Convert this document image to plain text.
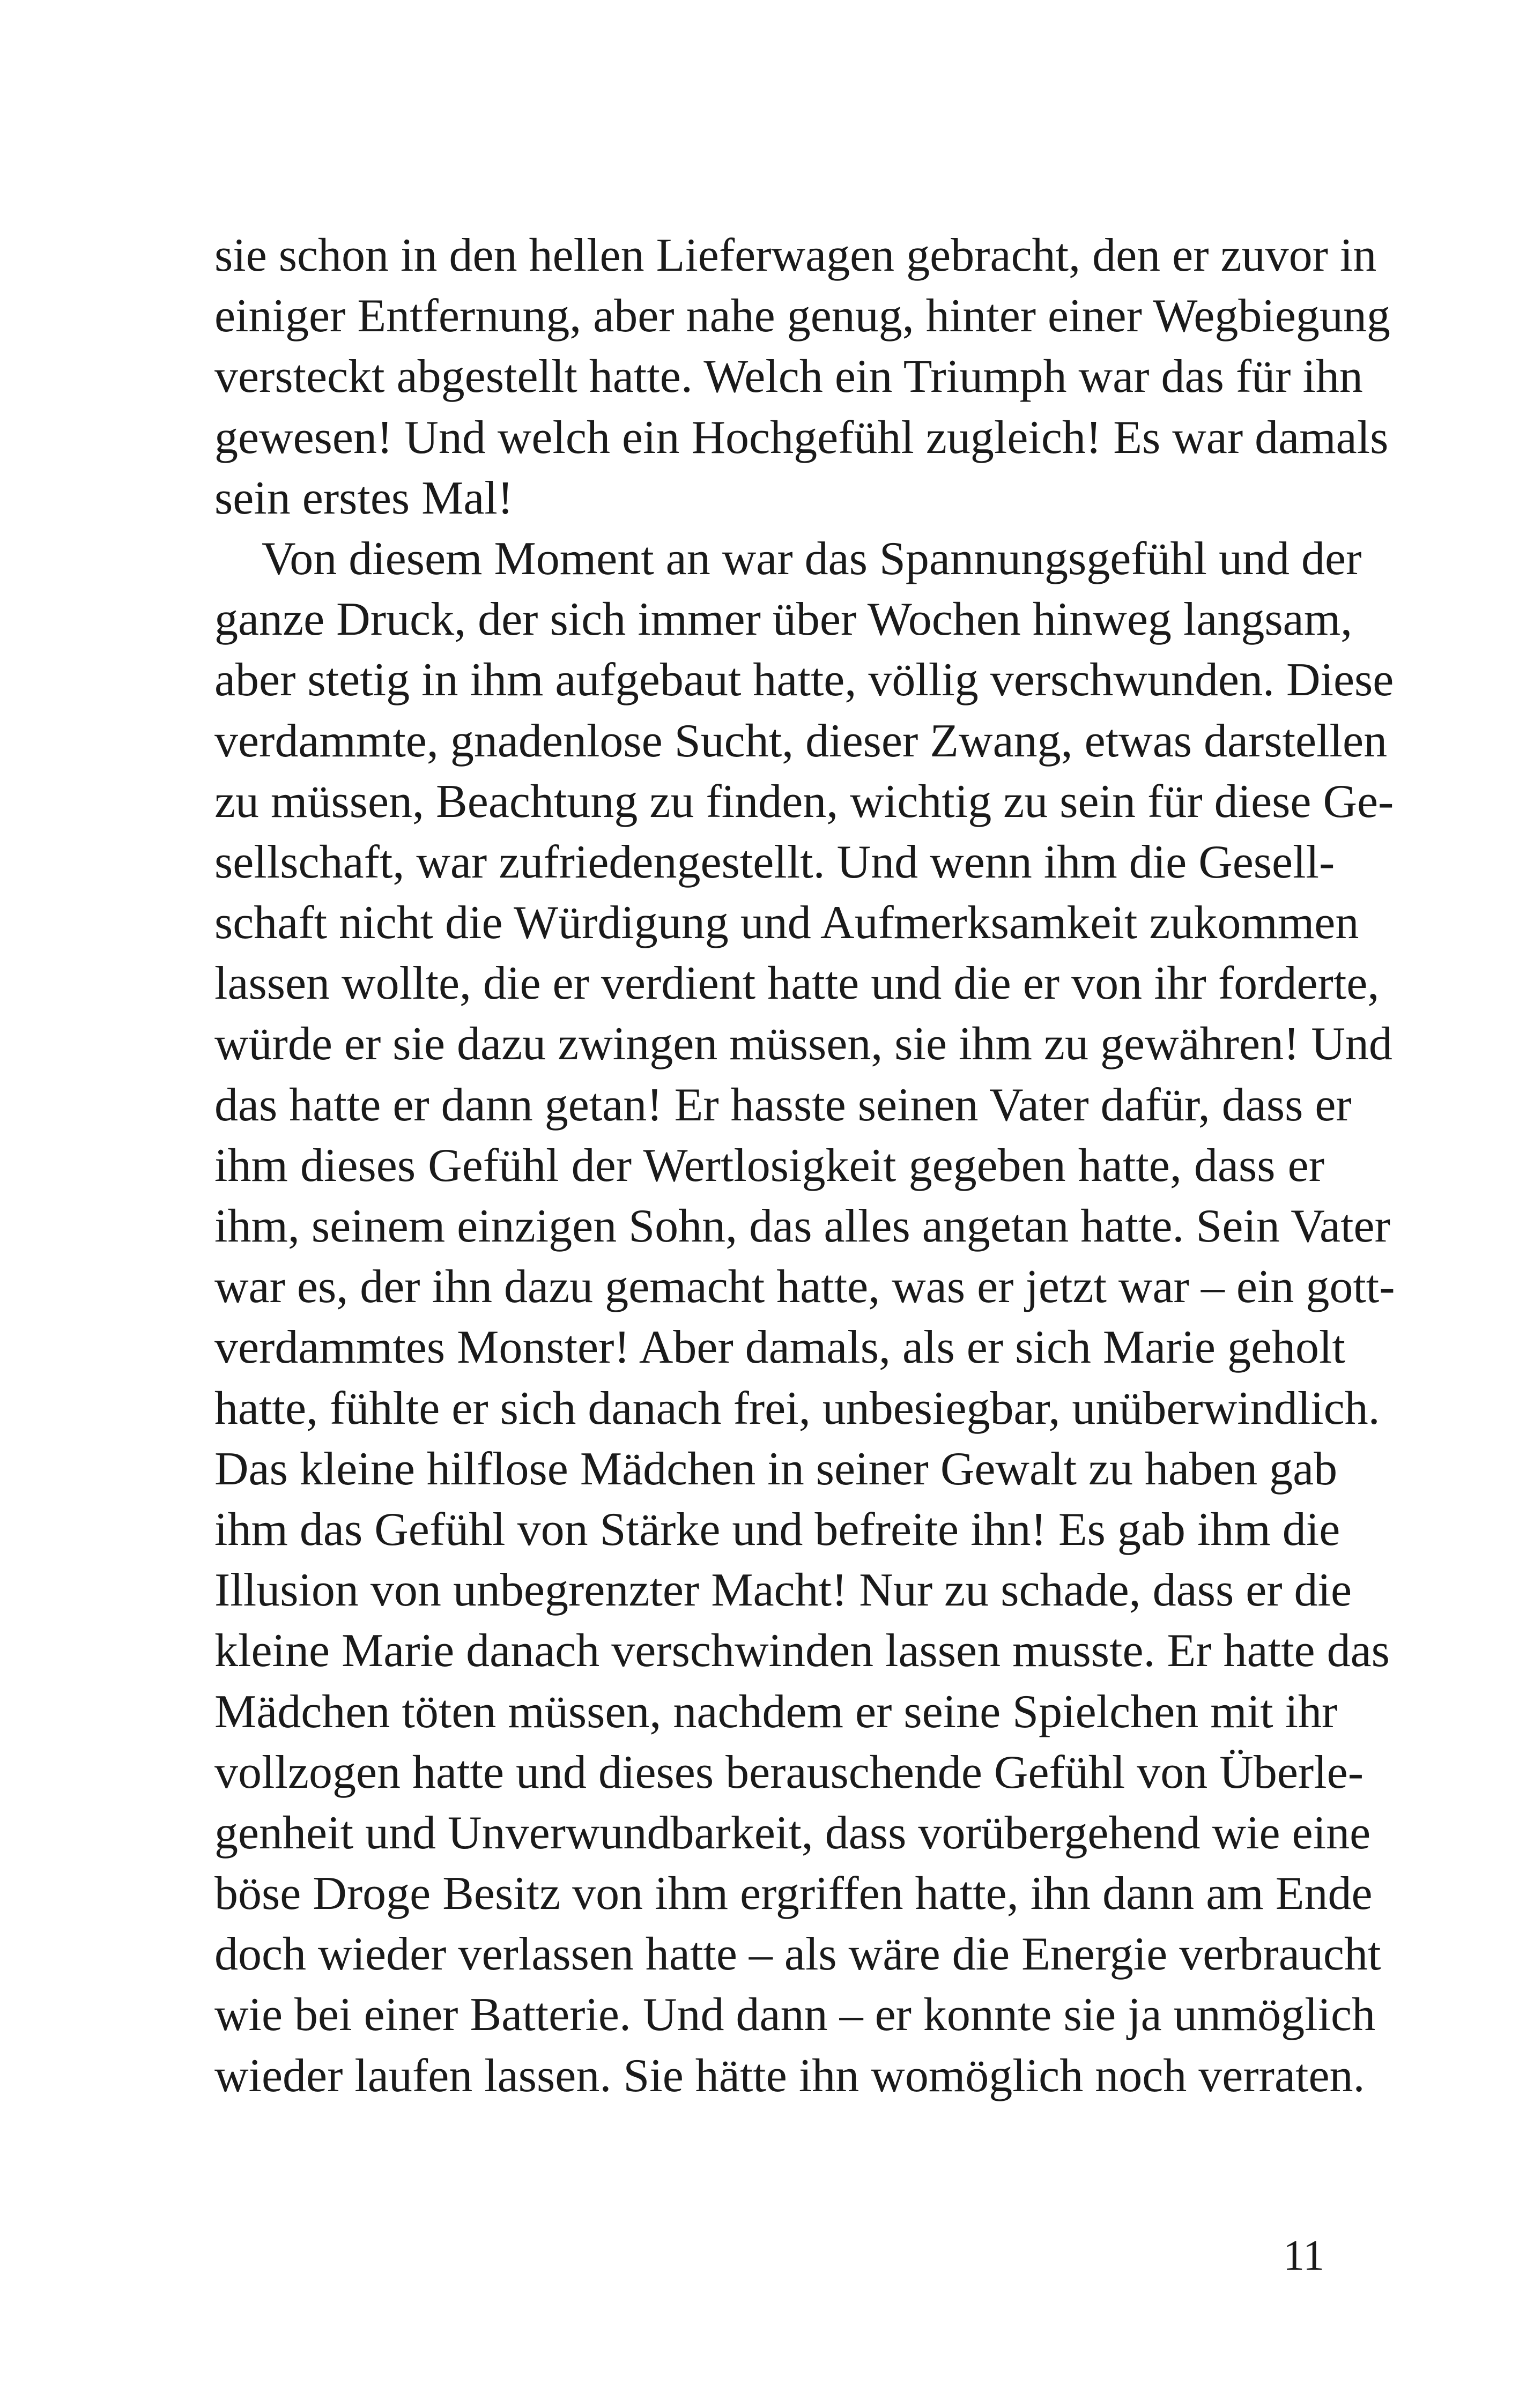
sie schon in den hellen Lieferwagen gebracht, den er zuvor in
einiger Entfernung, aber nahe genug, hinter einer Wegbiegung
versteckt abgestellt hatte. Welch ein Triumph war das für ihn
gewesen! Und welch ein Hochgefühl zugleich! Es war damals
sein erstes Mal!
Von diesem Moment an war das Spannungsgefühl und der
ganze Druck, der sich immer über Wochen hinweg langsam,
aber stetig in ihm aufgebaut hatte, völlig verschwunden. Diese
verdammte, gnadenlose Sucht, dieser Zwang, etwas darstellen
zu müssen, Beachtung zu finden, wichtig zu sein für diese Ge-
sellschaft, war zufriedengestellt. Und wenn ihm die Gesell-
schaft nicht die Würdigung und Aufmerksamkeit zukommen
lassen wollte, die er verdient hatte und die er von ihr forderte,
würde er sie dazu zwingen müssen, sie ihm zu gewähren! Und
das hatte er dann getan! Er hasste seinen Vater dafür, dass er
ihm dieses Gefühl der Wertlosigkeit gegeben hatte, dass er
ihm, seinem einzigen Sohn, das alles angetan hatte. Sein Vater
war es, der ihn dazu gemacht hatte, was er jetzt war – ein gott-
verdammtes Monster! Aber damals, als er sich Marie geholt
hatte, fühlte er sich danach frei, unbesiegbar, unüberwindlich.
Das kleine hilflose Mädchen in seiner Gewalt zu haben gab
ihm das Gefühl von Stärke und befreite ihn! Es gab ihm die
Illusion von unbegrenzter Macht! Nur zu schade, dass er die
kleine Marie danach verschwinden lassen musste. Er hatte das
Mädchen töten müssen, nachdem er seine Spielchen mit ihr
vollzogen hatte und dieses berauschende Gefühl von Überle-
genheit und Unverwundbarkeit, dass vorübergehend wie eine
böse Droge Besitz von ihm ergriffen hatte, ihn dann am Ende
doch wieder verlassen hatte – als wäre die Energie verbraucht
wie bei einer Batterie. Und dann – er konnte sie ja unmöglich
wieder laufen lassen. Sie hätte ihn womöglich noch verraten.
11
